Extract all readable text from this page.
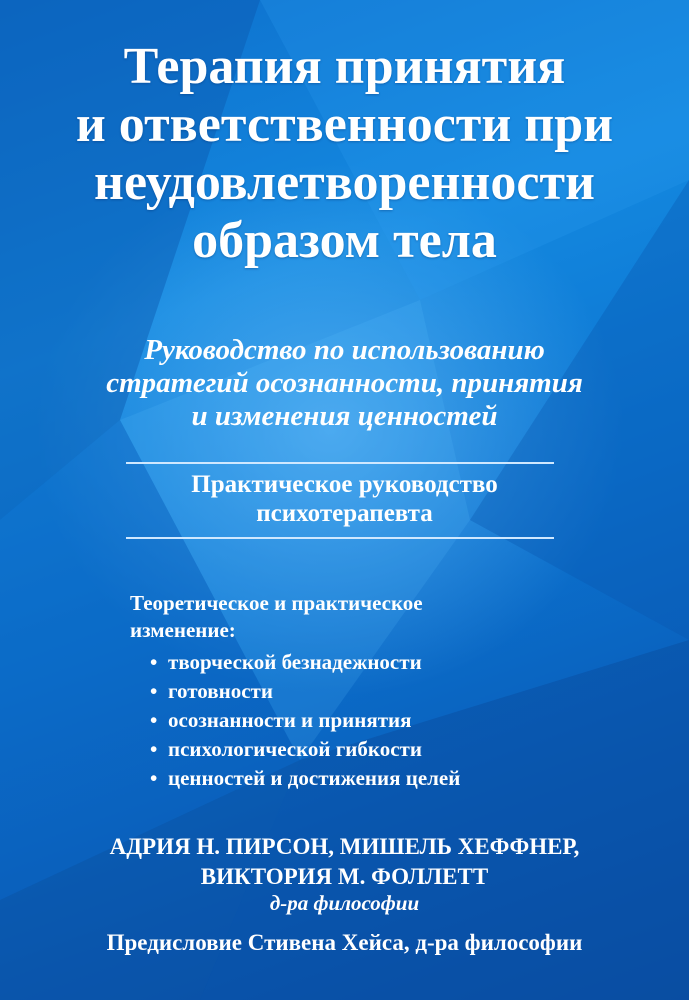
Терапия принятия
и ответственности при
неудовлетворенности
образом тела
Руководство по использованию
стратегий осознанности, принятия
и изменения ценностей
Практическое руководство
психотерапевта
Теоретическое и практическое
изменение:
• творческой безнадежности
• готовности
• осознанности и принятия
• психологической гибкости
• ценностей и достижения целей
АДРИЯ Н. ПИРСОН, МИШЕЛЬ ХЕФФНЕР,
ВИКТОРИЯ М. ФОЛЛЕТТ
д-ра философии
Предисловие Стивена Хейса, д-ра философии
